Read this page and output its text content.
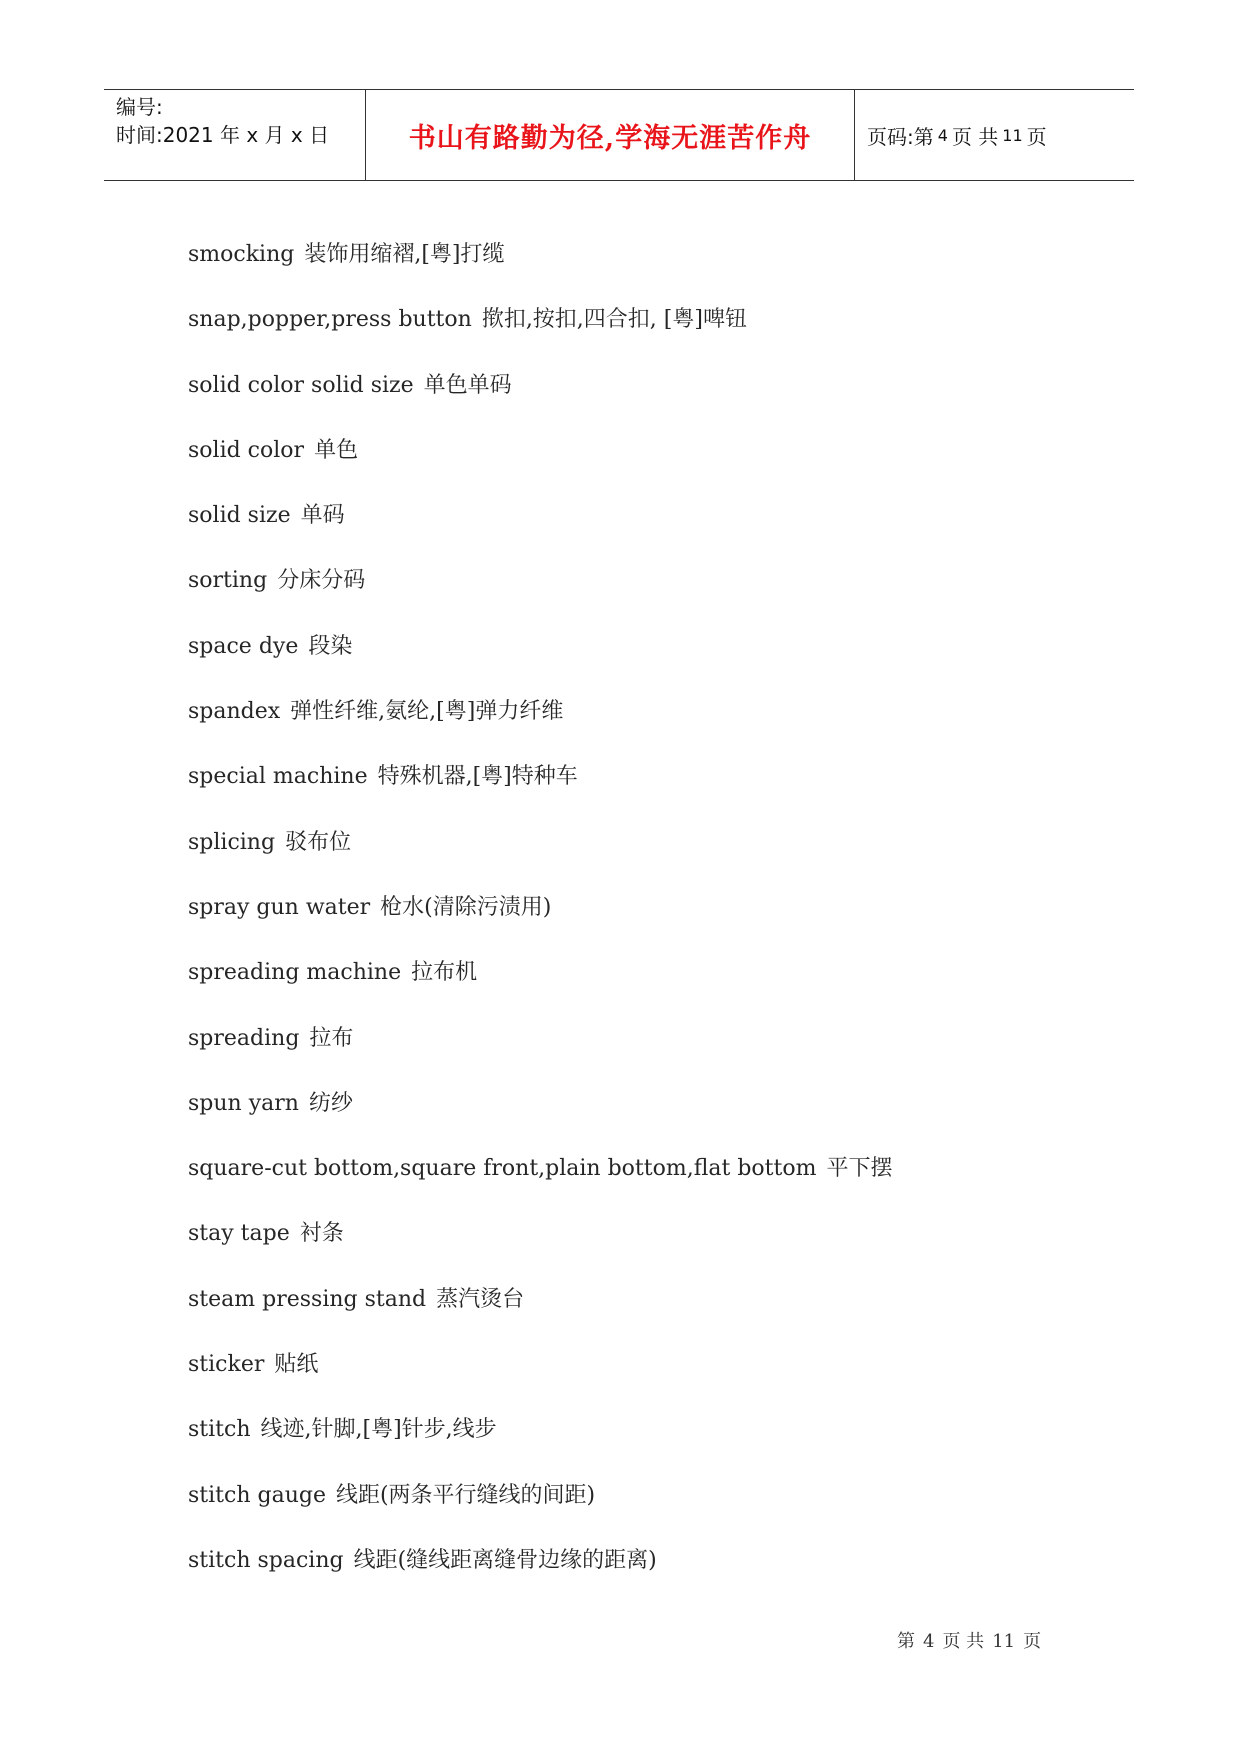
编号:
时间:2021 年 x 月 x 日	书山有路勤为径,学海无涯苦作舟	页码:第 4 页 共 11 页
smocking 装饰用缩褶,[粤]打缆
snap,popper,press button 揿扣,按扣,四合扣, [粤]啤钮
solid color solid size 单色单码
solid color 单色
solid size 单码
sorting 分床分码
space dye 段染
spandex 弹性纤维,氨纶,[粤]弹力纤维
special machine 特殊机器,[粤]特种车
splicing 驳布位
spray gun water 枪水(清除污渍用)
spreading machine 拉布机
spreading 拉布
spun yarn 纺纱
square-cut bottom,square front,plain bottom,flat bottom 平下摆
stay tape 衬条
steam pressing stand 蒸汽烫台
sticker 贴纸
stitch 线迹,针脚,[粤]针步,线步
stitch gauge 线距(两条平行缝线的间距)
stitch spacing 线距(缝线距离缝骨边缘的距离)
第 4 页 共 11 页
